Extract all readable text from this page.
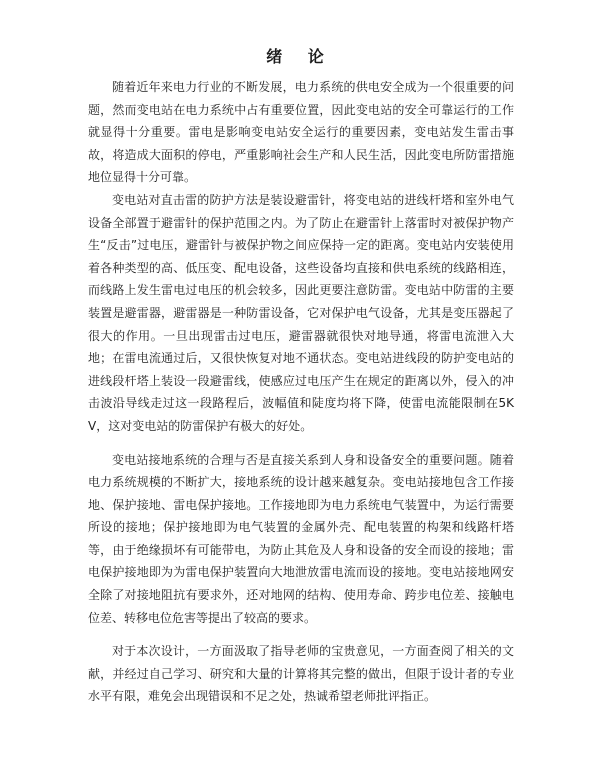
绪 论

随着近年来电力行业的不断发展，电力系统的供电安全成为一个很重要的问题，然而变电站在电力系统中占有重要位置，因此变电站的安全可靠运行的工作就显得十分重要。雷电是影响变电站安全运行的重要因素，变电站发生雷击事故，将造成大面积的停电，严重影响社会生产和人民生活，因此变电所防雷措施地位显得十分可靠。

变电站对直击雷的防护方法是装设避雷针，将变电站的进线杆塔和室外电气设备全部置于避雷针的保护范围之内。为了防止在避雷针上落雷时对被保护物产生“反击”过电压，避雷针与被保护物之间应保持一定的距离。变电站内安装使用着各种类型的高、低压变、配电设备，这些设备均直接和供电系统的线路相连，而线路上发生雷电过电压的机会较多，因此更要注意防雷。变电站中防雷的主要装置是避雷器，避雷器是一种防雷设备，它对保护电气设备，尤其是变压器起了很大的作用。一旦出现雷击过电压，避雷器就很快对地导通，将雷电流泄入大地；在雷电流通过后，又很快恢复对地不通状态。变电站进线段的防护变电站的进线段杆塔上装设一段避雷线，使感应过电压产生在规定的距离以外，侵入的冲击波沿导线走过这一段路程后，波幅值和陡度均将下降，使雷电流能限制在5KV，这对变电站的防雷保护有极大的好处。

变电站接地系统的合理与否是直接关系到人身和设备安全的重要问题。随着电力系统规模的不断扩大，接地系统的设计越来越复杂。变电站接地包含工作接地、保护接地、雷电保护接地。工作接地即为电力系统电气装置中，为运行需要所设的接地；保护接地即为电气装置的金属外壳、配电装置的构架和线路杆塔等，由于绝缘损坏有可能带电，为防止其危及人身和设备的安全而设的接地；雷电保护接地即为为雷电保护装置向大地泄放雷电流而设的接地。变电站接地网安全除了对接地阻抗有要求外，还对地网的结构、使用寿命、跨步电位差、接触电位差、转移电位危害等提出了较高的要求。

对于本次设计，一方面汲取了指导老师的宝贵意见，一方面查阅了相关的文献，并经过自己学习、研究和大量的计算将其完整的做出，但限于设计者的专业水平有限，难免会出现错误和不足之处，热诚希望老师批评指正。
